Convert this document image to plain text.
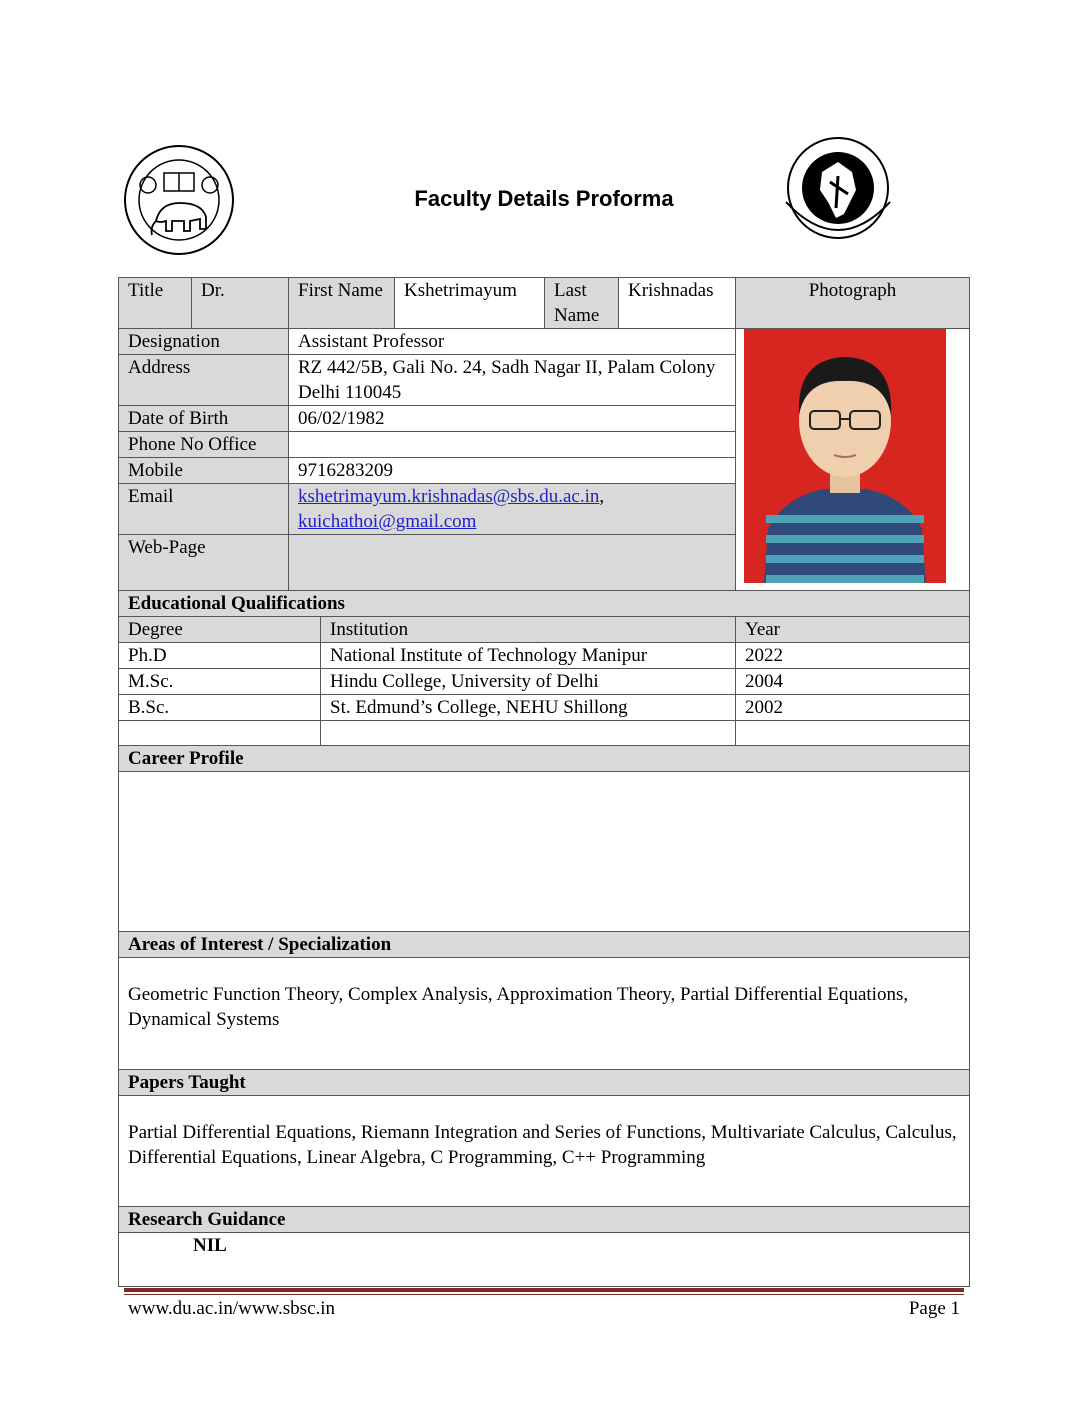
Faculty Details Proforma
Title	Dr.	First Name		Kshetrimayum	Last Name	Krishnadas	Photograph
Designation		Assistant Professor	

Address		RZ 442/5B, Gali No. 24, Sadh Nagar II, Palam Colony Delhi 110045					
Date of Birth		06/02/1982					
Phone No Office							
Mobile		9716283209					
Email		kshetrimayum.krishnadas@sbs.du.ac.in,
kuichathoi@gmail.com					
Web-Page							
Educational Qualifications							
Degree			Institution				Year
Ph.D			National Institute of Technology Manipur				2022
M.Sc.			Hindu College, University of Delhi				2004
B.Sc.			St. Edmund’s College, NEHU Shillong				2002

Career Profile							

Areas of Interest / Specialization							
Geometric Function Theory, Complex Analysis, Approximation Theory, Partial Differential Equations, Dynamical Systems							
Papers Taught							
Partial Differential Equations, Riemann Integration and Series of Functions, Multivariate Calculus, Calculus, Differential Equations, Linear Algebra, C Programming, C++ Programming							
Research Guidance							
NIL							
www.du.ac.in/www.sbsc.in	Page 1
